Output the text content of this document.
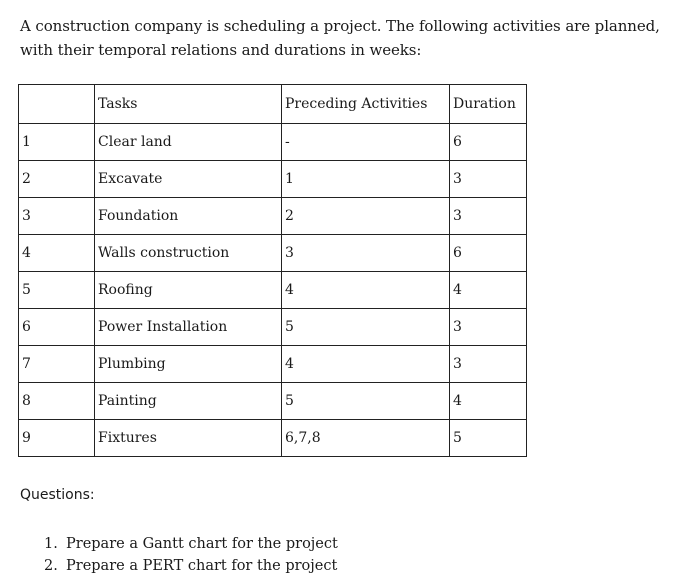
A construction company is scheduling a project. The following activities are planned, with their temporal relations and durations in weeks:

	Tasks	Preceding Activities	Duration
1	Clear land	-	6
2	Excavate	1	3
3	Foundation	2	3
4	Walls construction	3	6
5	Roofing	4	4
6	Power Installation	5	3
7	Plumbing	4	3
8	Painting	5	4
9	Fixtures	6,7,8	5
Questions:
1. Prepare a Gantt chart for the project
2. Prepare a PERT chart for the project
